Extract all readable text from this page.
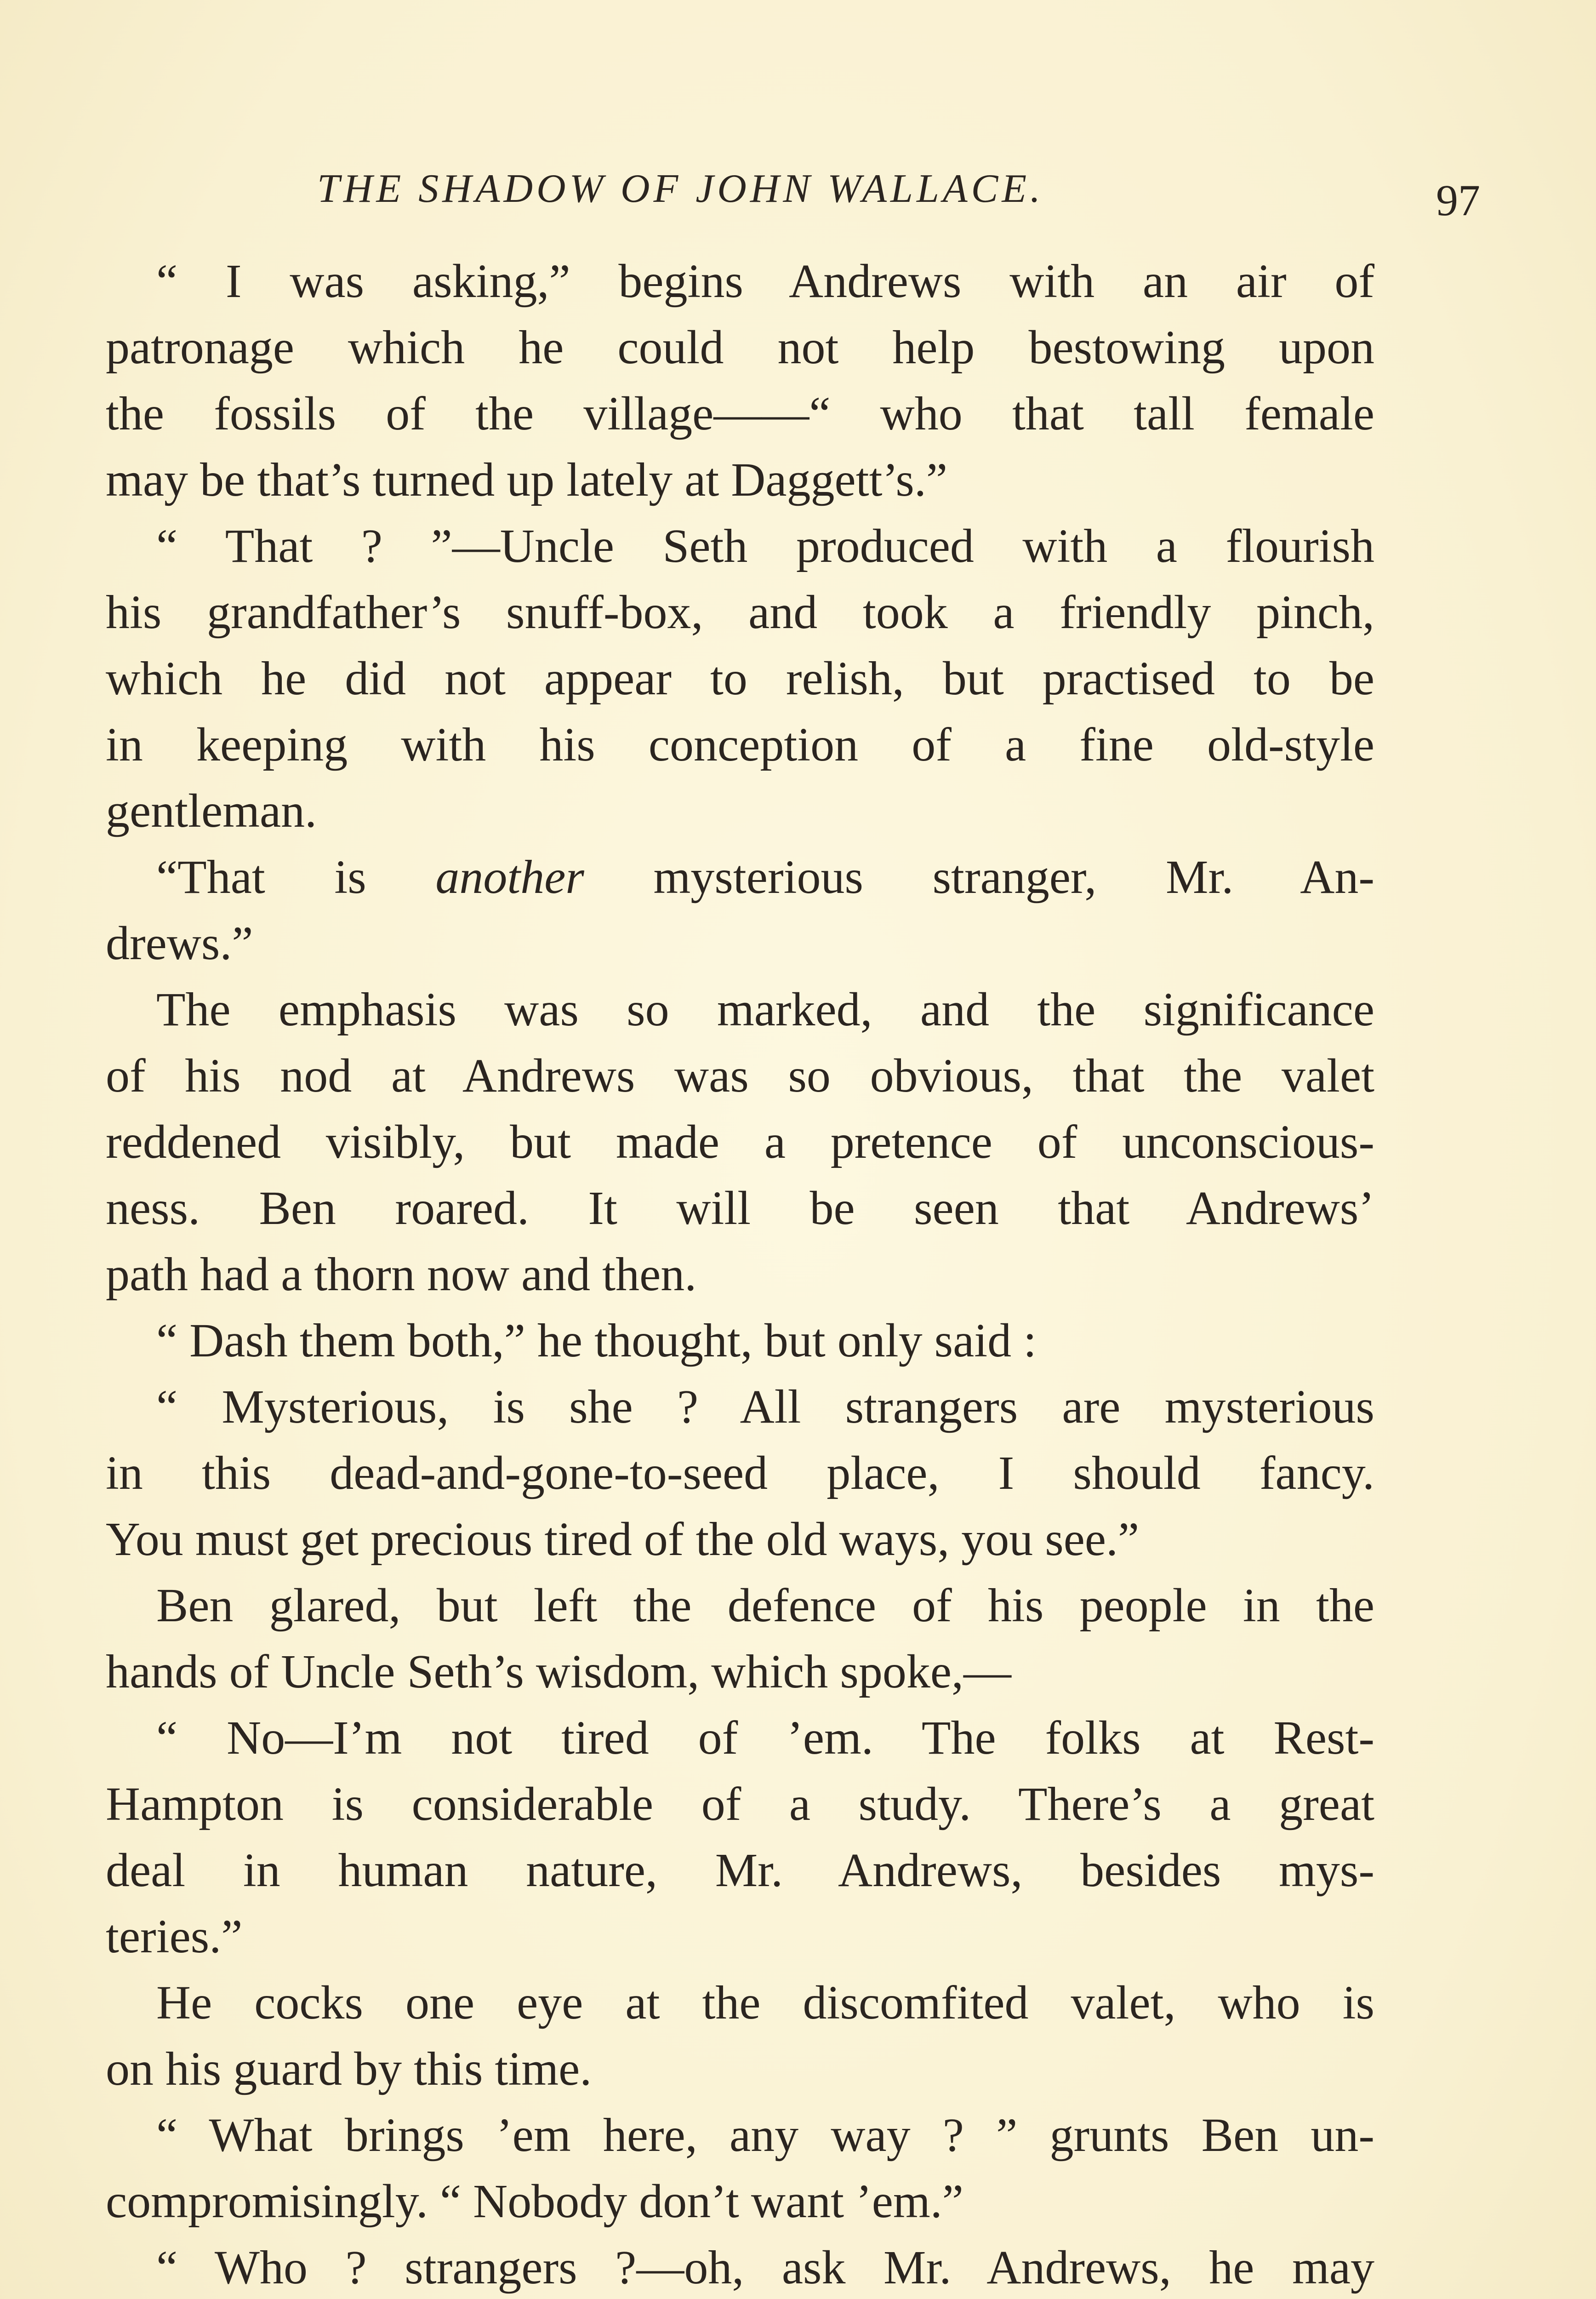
THE SHADOW OF JOHN WALLACE.	97
“ I was asking,” begins Andrews with an air of
patronage which he could not help bestowing upon
the fossils of the village——“ who that tall female
may be that’s turned up lately at Daggett’s.”
“ That ? ”—Uncle Seth produced with a flourish
his grandfather’s snuff-box, and took a friendly pinch,
which he did not appear to relish, but practised to be
in keeping with his conception of a fine old-style
gentleman.
“That is another mysterious stranger, Mr. An-
drews.”
The emphasis was so marked, and the significance
of his nod at Andrews was so obvious, that the valet
reddened visibly, but made a pretence of unconscious-
ness. Ben roared. It will be seen that Andrews’
path had a thorn now and then.
“ Dash them both,” he thought, but only said :
“ Mysterious, is she ? All strangers are mysterious
in this dead-and-gone-to-seed place, I should fancy.
You must get precious tired of the old ways, you see.”
Ben glared, but left the defence of his people in the
hands of Uncle Seth’s wisdom, which spoke,—
“ No—I’m not tired of ’em. The folks at Rest-
Hampton is considerable of a study. There’s a great
deal in human nature, Mr. Andrews, besides mys-
teries.”
He cocks one eye at the discomfited valet, who is
on his guard by this time.
“ What brings ’em here, any way ? ” grunts Ben un-
compromisingly. “ Nobody don’t want ’em.”
“ Who ? strangers ?—oh, ask Mr. Andrews, he may
